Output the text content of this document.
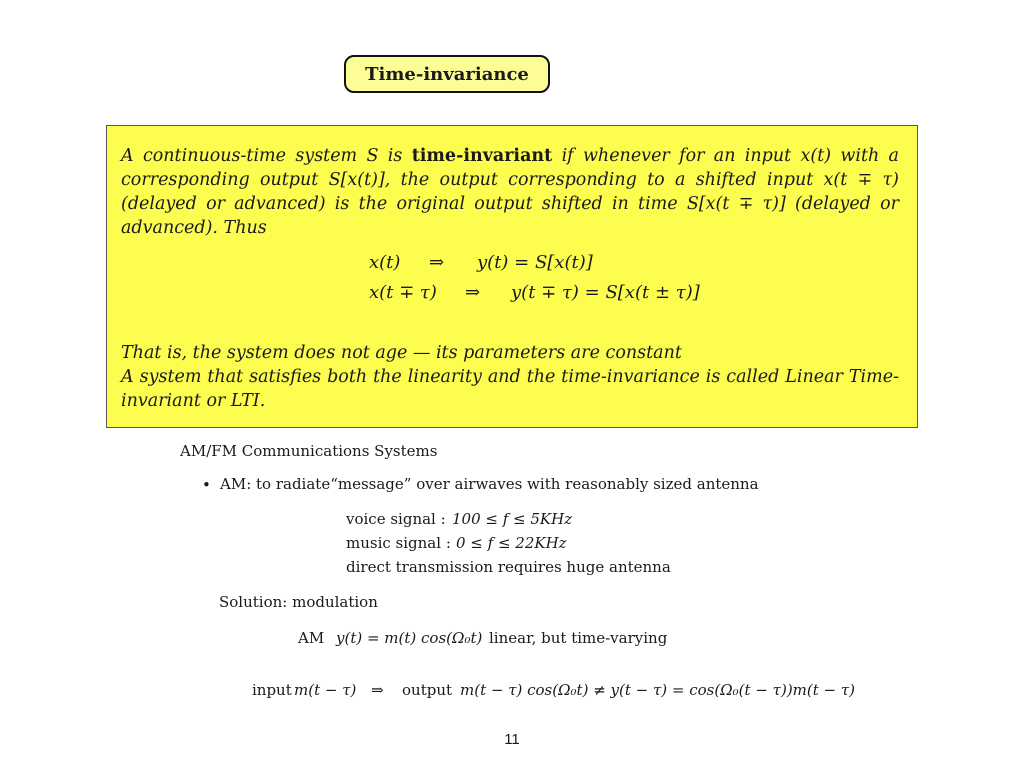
Time-invariance
A continuous-time system S is time-invariant if whenever for an input x(t) with a corresponding output S[x(t)], the output corresponding to a shifted input x(t ∓ τ) (delayed or advanced) is the original output shifted in time S[x(t ∓ τ)] (delayed or advanced). Thus
x(t) ⇒ y(t) = S[x(t)]
x(t ∓ τ) ⇒ y(t ∓ τ) = S[x(t ± τ)]
That is, the system does not age — its parameters are constant
A system that satisfies both the linearity and the time-invariance is called Linear Time-invariant or LTI.
AM/FM Communications Systems
• AM: to radiate“message” over airwaves with reasonably sized antenna
voice signal : 100 ≤ f ≤ 5KHz
music signal : 0 ≤ f ≤ 22KHz
direct transmission requires huge antenna
Solution: modulation
AM y(t) = m(t) cos(Ω₀t) linear, but time-varying
input m(t − τ) ⇒ output m(t − τ) cos(Ω₀t) ≠ y(t − τ) = cos(Ω₀(t − τ))m(t − τ)
11
